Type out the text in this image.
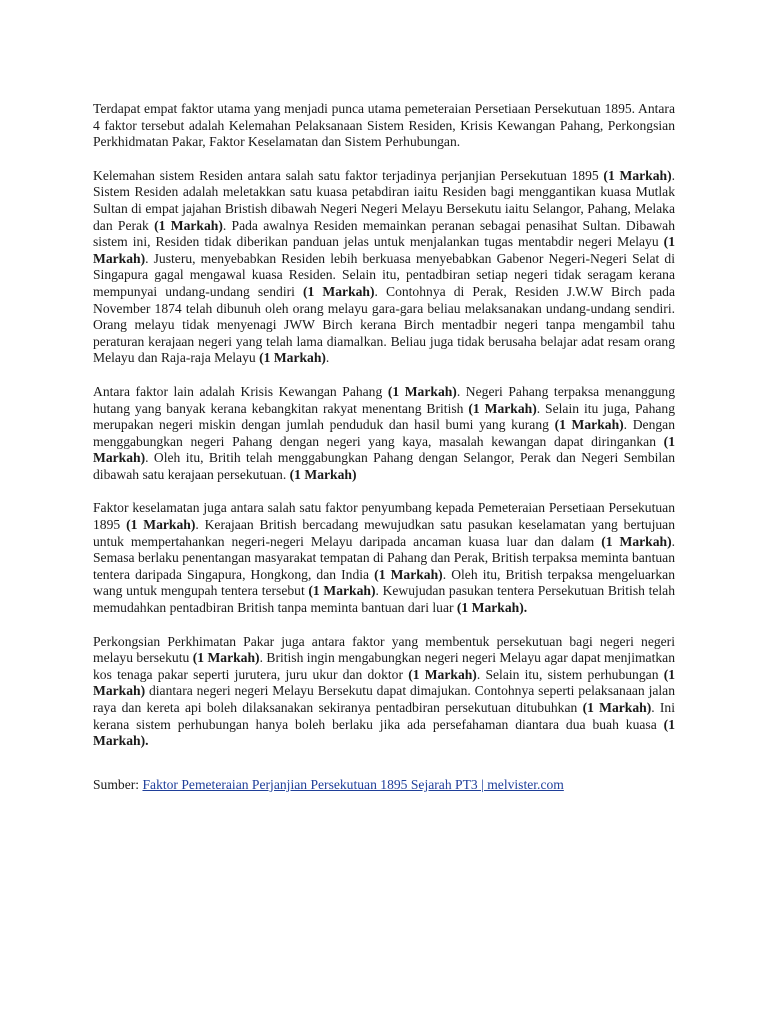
Terdapat empat faktor utama yang menjadi punca utama pemeteraian Persetiaan Persekutuan 1895. Antara 4 faktor tersebut adalah Kelemahan Pelaksanaan Sistem Residen, Krisis Kewangan Pahang, Perkongsian Perkhidmatan Pakar, Faktor Keselamatan dan Sistem Perhubungan.

Kelemahan sistem Residen antara salah satu faktor terjadinya perjanjian Persekutuan 1895 (1 Markah). Sistem Residen adalah meletakkan satu kuasa petabdiran iaitu Residen bagi menggantikan kuasa Mutlak Sultan di empat jajahan Bristish dibawah Negeri Negeri Melayu Bersekutu iaitu Selangor, Pahang, Melaka dan Perak (1 Markah). Pada awalnya Residen memainkan peranan sebagai penasihat Sultan. Dibawah sistem ini, Residen tidak diberikan panduan jelas untuk menjalankan tugas mentabdir negeri Melayu (1 Markah). Justeru, menyebabkan Residen lebih berkuasa menyebabkan Gabenor Negeri-Negeri Selat di Singapura gagal mengawal kuasa Residen. Selain itu, pentadbiran setiap negeri tidak seragam kerana mempunyai undang-undang sendiri (1 Markah). Contohnya di Perak, Residen J.W.W Birch pada November 1874 telah dibunuh oleh orang melayu gara-gara beliau melaksanakan undang-undang sendiri. Orang melayu tidak menyenagi JWW Birch kerana Birch mentadbir negeri tanpa mengambil tahu peraturan kerajaan negeri yang telah lama diamalkan. Beliau juga tidak berusaha belajar adat resam orang Melayu dan Raja-raja Melayu (1 Markah).

Antara faktor lain adalah Krisis Kewangan Pahang (1 Markah). Negeri Pahang terpaksa menanggung hutang yang banyak kerana kebangkitan rakyat menentang British (1 Markah). Selain itu juga, Pahang merupakan negeri miskin dengan jumlah penduduk dan hasil bumi yang kurang (1 Markah). Dengan menggabungkan negeri Pahang dengan negeri yang kaya, masalah kewangan dapat diringankan (1 Markah). Oleh itu, Britih telah menggabungkan Pahang dengan Selangor, Perak dan Negeri Sembilan dibawah satu kerajaan persekutuan. (1 Markah)

Faktor keselamatan juga antara salah satu faktor penyumbang kepada Pemeteraian Persetiaan Persekutuan 1895 (1 Markah). Kerajaan British bercadang mewujudkan satu pasukan keselamatan yang bertujuan untuk mempertahankan negeri-negeri Melayu daripada ancaman kuasa luar dan dalam (1 Markah). Semasa berlaku penentangan masyarakat tempatan di Pahang dan Perak, British terpaksa meminta bantuan tentera daripada Singapura, Hongkong, dan India (1 Markah). Oleh itu, British terpaksa mengeluarkan wang untuk mengupah tentera tersebut (1 Markah). Kewujudan pasukan tentera Persekutuan British telah memudahkan pentadbiran British tanpa meminta bantuan dari luar (1 Markah).

Perkongsian Perkhimatan Pakar juga antara faktor yang membentuk persekutuan bagi negeri negeri melayu bersekutu (1 Markah). British ingin mengabungkan negeri negeri Melayu agar dapat menjimatkan kos tenaga pakar seperti jurutera, juru ukur dan doktor (1 Markah). Selain itu, sistem perhubungan (1 Markah) diantara negeri negeri Melayu Bersekutu dapat dimajukan. Contohnya seperti pelaksanaan jalan raya dan kereta api boleh dilaksanakan sekiranya pentadbiran persekutuan ditubuhkan (1 Markah). Ini kerana sistem perhubungan hanya boleh berlaku jika ada persefahaman diantara dua buah kuasa (1 Markah).

Sumber: Faktor Pemeteraian Perjanjian Persekutuan 1895 Sejarah PT3 | melvister.com
